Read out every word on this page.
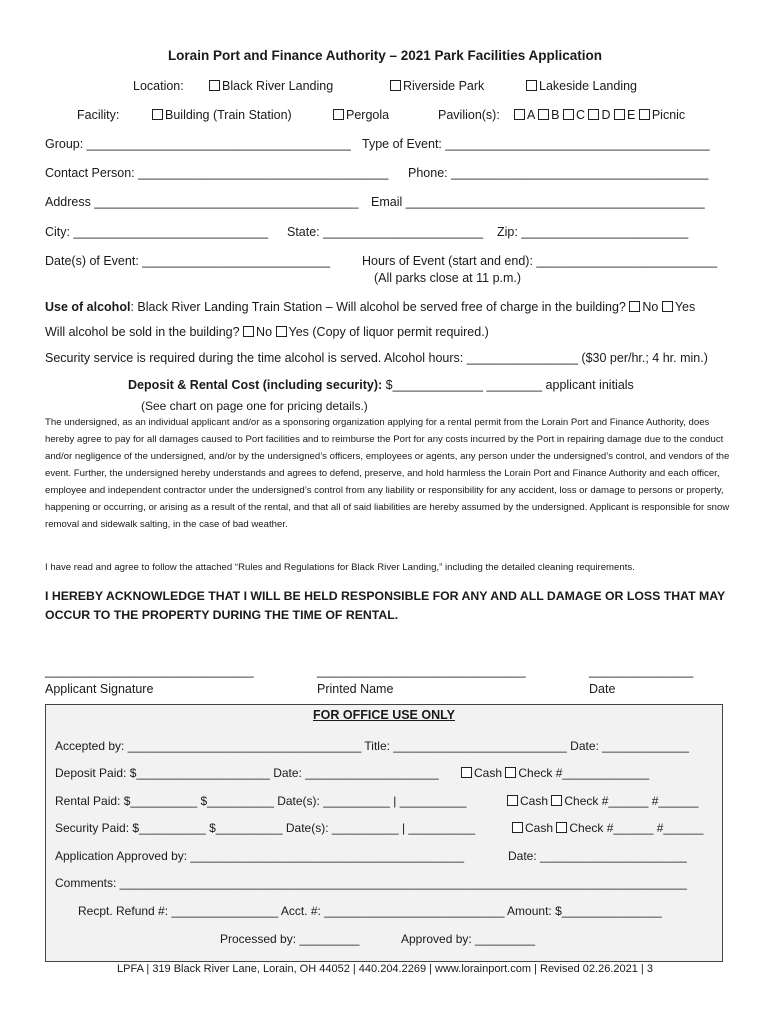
Lorain Port and Finance Authority – 2021 Park Facilities Application
Location:	Black River Landing	Riverside Park	Lakeside Landing
Facility:	Building (Train Station)	Pergola	Pavilion(s):	A B C D E Picnic
Group: ______________________________________ Type of Event: ______________________________________
Contact Person: ____________________________________ Phone: _____________________________________
Address ______________________________________ Email ___________________________________________
City: ____________________________ State: _______________________ Zip: ________________________
Date(s) of Event: ___________________________	Hours of Event (start and end): __________________________
(All parks close at 11 p.m.)
Use of alcohol: Black River Landing Train Station – Will alcohol be served free of charge in the building? No Yes
Will alcohol be sold in the building? No Yes (Copy of liquor permit required.)
Security service is required during the time alcohol is served. Alcohol hours: ________________ ($30 per/hr.; 4 hr. min.)
Deposit & Rental Cost (including security): $_____________ ________ applicant initials
(See chart on page one for pricing details.)
The undersigned, as an individual applicant and/or as a sponsoring organization applying for a rental permit from the Lorain Port and Finance Authority, does hereby agree to pay for all damages caused to Port facilities and to reimburse the Port for any costs incurred by the Port in repairing damage due to the conduct and/or negligence of the undersigned, and/or by the undersigned’s officers, employees or agents, any person under the undersigned’s control, and vendors of the event. Further, the undersigned hereby understands and agrees to defend, preserve, and hold harmless the Lorain Port and Finance Authority and each officer, employee and independent contractor under the undersigned’s control from any liability or responsibility for any accident, loss or damage to persons or property, happening or occurring, or arising as a result of the rental, and that all of said liabilities are hereby assumed by the undersigned. Applicant is responsible for snow removal and sidewalk salting, in the case of bad weather.
I have read and agree to follow the attached “Rules and Regulations for Black River Landing,” including the detailed cleaning requirements.
I HEREBY ACKNOWLEDGE THAT I WILL BE HELD RESPONSIBLE FOR ANY AND ALL DAMAGE OR LOSS THAT MAY OCCUR TO THE PROPERTY DURING THE TIME OF RENTAL.
______________________________	______________________________	_______________
Applicant Signature	Printed Name	Date
FOR OFFICE USE ONLY
Accepted by: ___________________________________ Title: __________________________ Date: _____________
Deposit Paid: $____________________ Date: ____________________	Cash Check #_____________
Rental Paid: $__________ $__________ Date(s): __________ | __________	Cash Check #______ #______
Security Paid: $__________ $__________ Date(s): __________ | __________	Cash Check #______ #______
Application Approved by: _________________________________________	Date: ______________________
Comments: _____________________________________________________________________________________
Recpt. Refund #: ________________ Acct. #: ___________________________ Amount: $_______________
Processed by: _________	Approved by: _________
LPFA | 319 Black River Lane, Lorain, OH 44052 | 440.204.2269 | www.lorainport.com | Revised 02.26.2021 | 3
